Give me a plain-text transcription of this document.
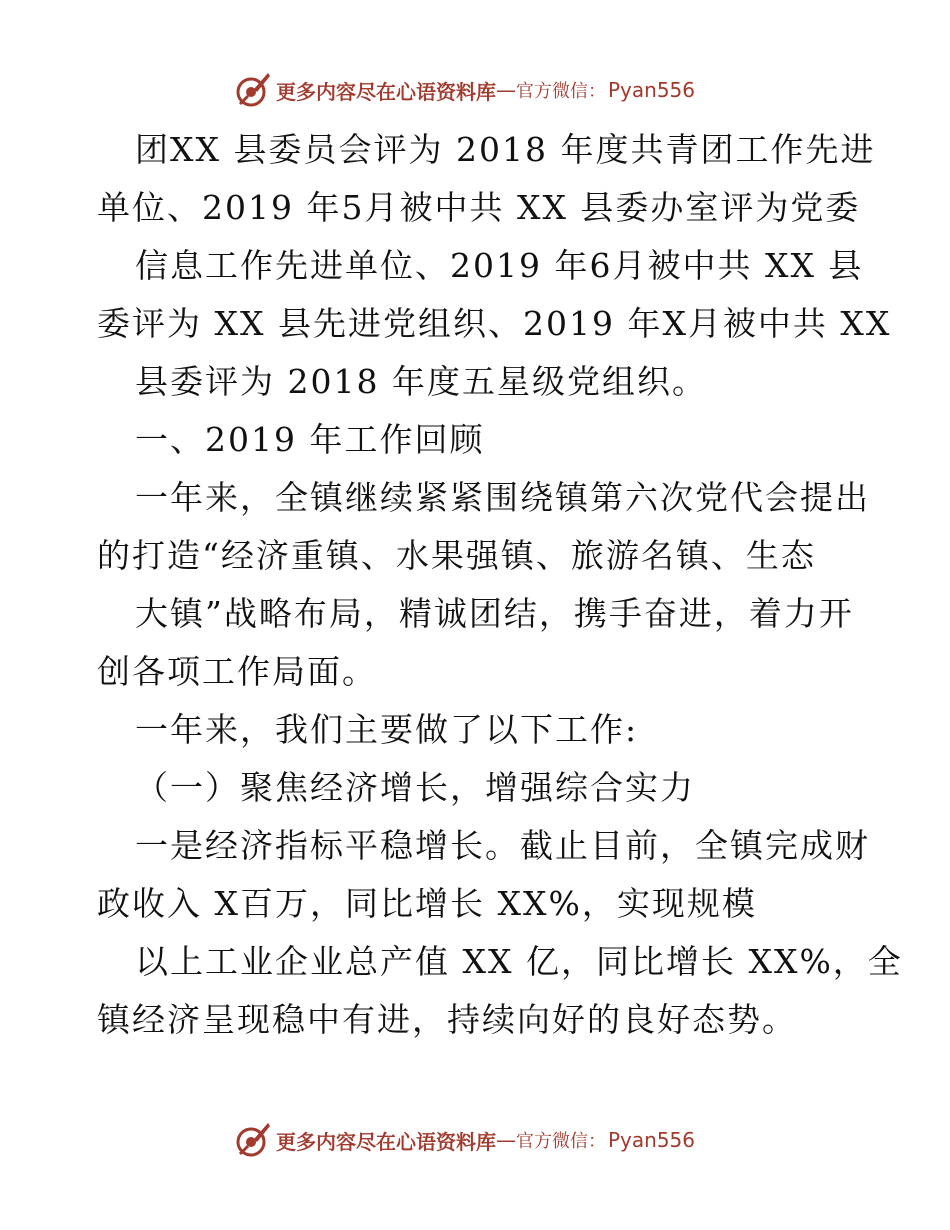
更多内容尽在心语资料库 — 官方微信： Pyan556
团XX 县委员会评为 2018 年度共青团工作先进
单位、2019 年5月被中共 XX 县委办室评为党委
信息工作先进单位、2019 年6月被中共 XX 县
委评为 XX 县先进党组织、2019 年X月被中共 XX
县委评为 2018 年度五星级党组织。
一、2019 年工作回顾
一年来，全镇继续紧紧围绕镇第六次党代会提出
的打造“经济重镇、水果强镇、旅游名镇、生态
大镇”战略布局，精诚团结，携手奋进，着力开
创各项工作局面。
一年来，我们主要做了以下工作:
（一）聚焦经济增长，增强综合实力
一是经济指标平稳增长。截止目前，全镇完成财
政收入 X百万，同比增长 XX%，实现规模
以上工业企业总产值 XX 亿，同比增长 XX%，全
镇经济呈现稳中有进，持续向好的良好态势。
更多内容尽在心语资料库 — 官方微信： Pyan556
